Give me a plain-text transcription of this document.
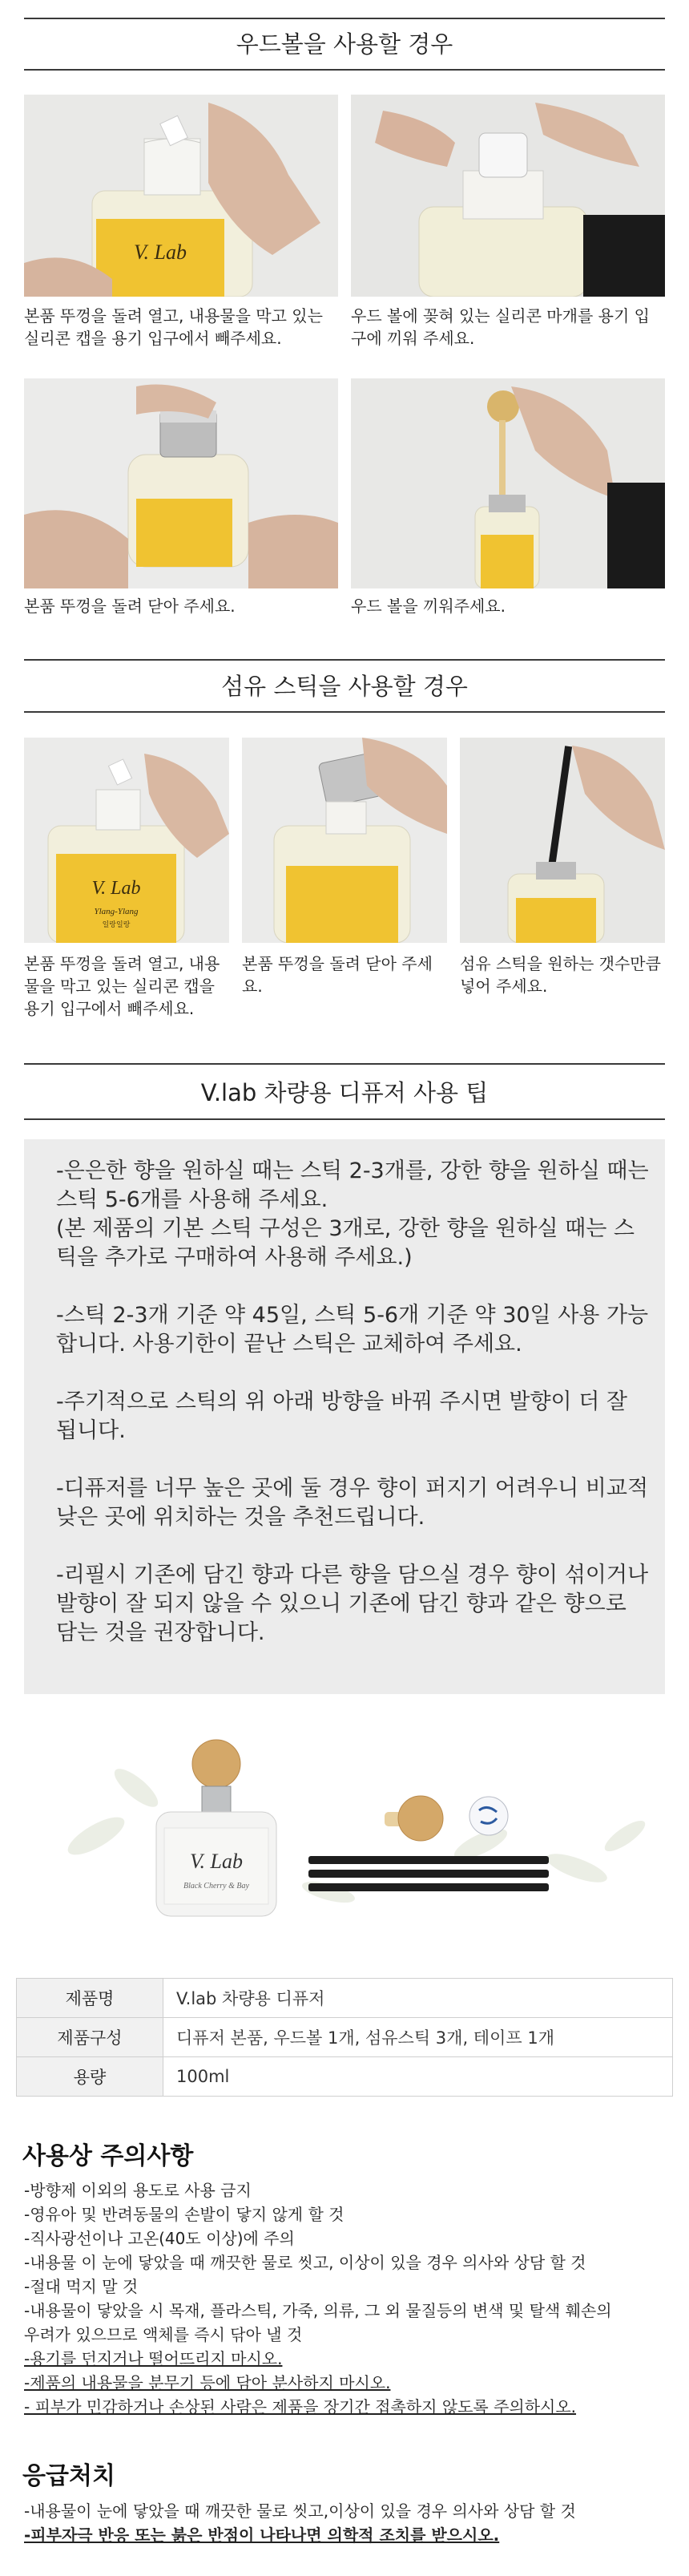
우드볼을 사용할 경우
V. Lab
본품 뚜껑을 돌려 열고, 내용물을 막고 있는 실리콘 캡을 용기 입구에서 빼주세요.
우드 볼에 꽂혀 있는 실리콘 마개를 용기 입구에 끼워 주세요.
본품 뚜껑을 돌려 닫아 주세요.	우드 볼을 끼워주세요.
섬유 스틱을 사용할 경우
V. Lab
Ylang-Ylang
일랑일랑
본품 뚜껑을 돌려 열고, 내용물을 막고 있는 실리콘 캡을 용기 입구에서 빼주세요.
본품 뚜껑을 돌려 닫아 주세요.
섬유 스틱을 원하는 갯수만큼 넣어 주세요.
V.lab 차량용 디퓨저 사용 팁
-은은한 향을 원하실 때는 스틱 2-3개를, 강한 향을 원하실 때는 스틱 5-6개를 사용해 주세요.
(본 제품의 기본 스틱 구성은 3개로, 강한 향을 원하실 때는 스틱을 추가로 구매하여 사용해 주세요.)
-스틱 2-3개 기준 약 45일, 스틱 5-6개 기준 약 30일 사용 가능합니다. 사용기한이 끝난 스틱은 교체하여 주세요.
-주기적으로 스틱의 위 아래 방향을 바꿔 주시면 발향이 더 잘 됩니다.
-디퓨저를 너무 높은 곳에 둘 경우 향이 퍼지기 어려우니 비교적 낮은 곳에 위치하는 것을 추천드립니다.
-리필시 기존에 담긴 향과 다른 향을 담으실 경우 향이 섞이거나 발향이 잘 되지 않을 수 있으니 기존에 담긴 향과 같은 향으로 담는 것을 권장합니다.
V. Lab
Black Cherry & Bay
제품명	V.lab 차량용 디퓨저
제품구성	디퓨저 본품, 우드볼 1개, 섬유스틱 3개, 테이프 1개
용량	100ml
사용상 주의사항
-방향제 이외의 용도로 사용 금지
-영유아 및 반려동물의 손발이 닿지 않게 할 것
-직사광선이나 고온(40도 이상)에 주의
-내용물 이 눈에 닿았을 때 깨끗한 물로 씻고, 이상이 있을 경우 의사와 상담 할 것
-절대 먹지 말 것
-내용물이 닿았을 시 목재, 플라스틱, 가죽, 의류, 그 외 물질등의 변색 및 탈색 훼손의
우려가 있으므로 액체를 즉시 닦아 낼 것
-용기를 던지거나 떨어뜨리지 마시오.
-제품의 내용물을 분무기 등에 담아 분사하지 마시오.
- 피부가 민감하거나 손상된 사람은 제품을 장기간 접촉하지 않도록 주의하시오.
응급처치
-내용물이 눈에 닿았을 때 깨끗한 물로 씻고,이상이 있을 경우 의사와 상담 할 것
-피부자극 반응 또는 붉은 반점이 나타나면 의학적 조치를 받으시오.
